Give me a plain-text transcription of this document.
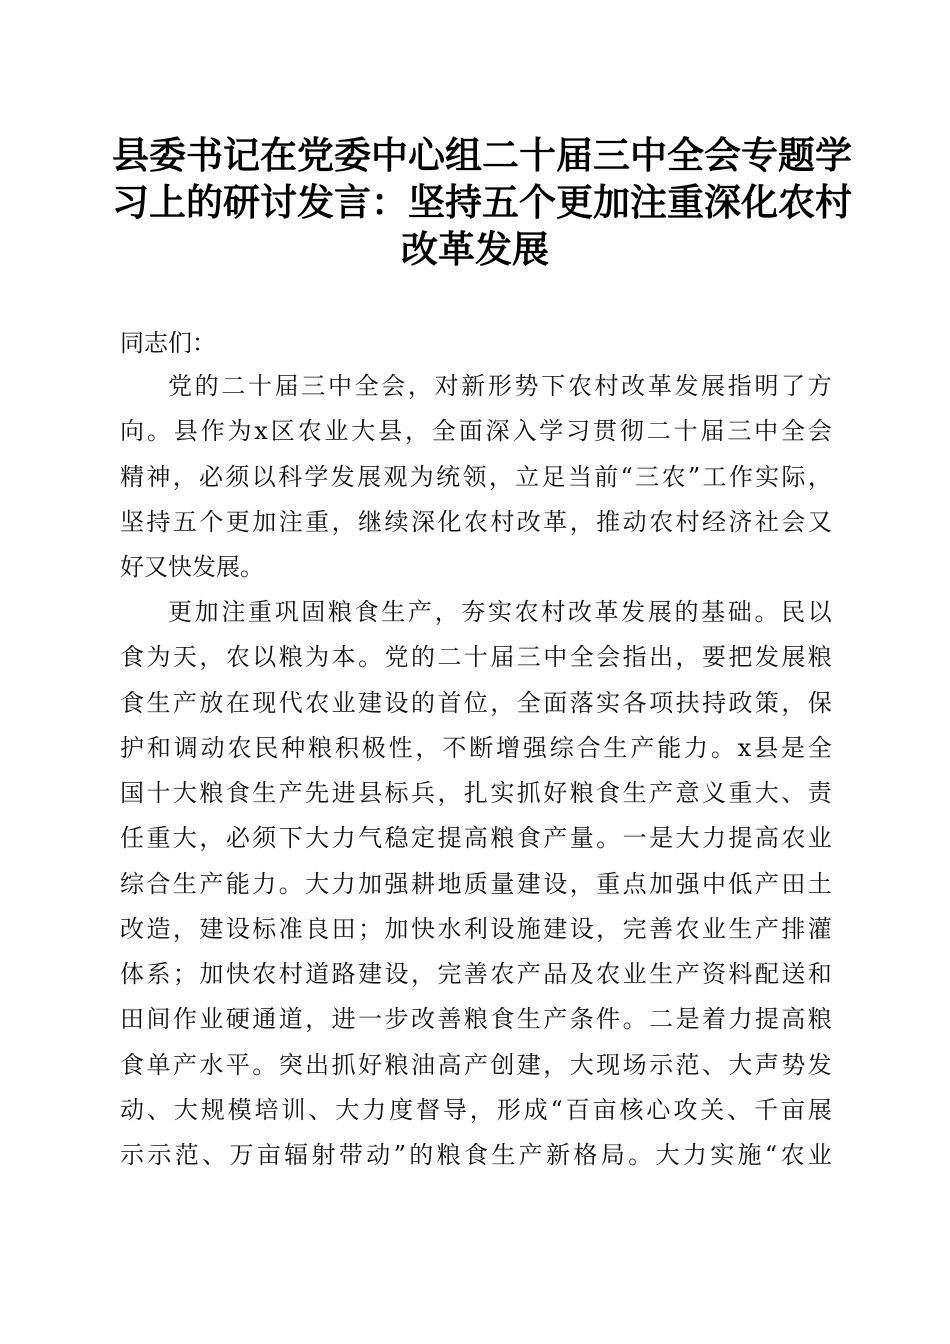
县委书记在党委中心组二十届三中全会专题学
习上的研讨发言：坚持五个更加注重深化农村
改革发展
同志们：
党 的 二 十 届 三 中 全 会 ， 对 新 形 势 下 农 村 改 革 发 展 指 明 了 方
向 。 县 作 为 x 区 农 业 大 县 ， 全 面 深 入 学 习 贯 彻 二 十 届 三 中 全 会
精 神 ， 必 须 以 科 学 发 展 观 为 统 领 ， 立 足 当 前 “ 三 农 ” 工 作 实 际 ，
坚 持 五 个 更 加 注 重 ， 继 续 深 化 农 村 改 革 ， 推 动 农 村 经 济 社 会 又
好又快发展。
更 加 注 重 巩 固 粮 食 生 产 ， 夯 实 农 村 改 革 发 展 的 基 础 。 民 以
食 为 天 ， 农 以 粮 为 本 。 党 的 二 十 届 三 中 全 会 指 出 ， 要 把 发 展 粮
食 生 产 放 在 现 代 农 业 建 设 的 首 位 ， 全 面 落 实 各 项 扶 持 政 策 ， 保
护 和 调 动 农 民 种 粮 积 极 性 ， 不 断 增 强 综 合 生 产 能 力 。 x 县 是 全
国 十 大 粮 食 生 产 先 进 县 标 兵 ， 扎 实 抓 好 粮 食 生 产 意 义 重 大 、 责
任 重 大 ， 必 须 下 大 力 气 稳 定 提 高 粮 食 产 量 。 一 是 大 力 提 高 农 业
综 合 生 产 能 力 。 大 力 加 强 耕 地 质 量 建 设 ， 重 点 加 强 中 低 产 田 土
改 造 ， 建 设 标 准 良 田 ； 加 快 水 利 设 施 建 设 ， 完 善 农 业 生 产 排 灌
体 系 ； 加 快 农 村 道 路 建 设 ， 完 善 农 产 品 及 农 业 生 产 资 料 配 送 和
田 间 作 业 硬 通 道 ， 进 一 步 改 善 粮 食 生 产 条 件 。 二 是 着 力 提 高 粮
食 单 产 水 平 。 突 出 抓 好 粮 油 高 产 创 建 ， 大 现 场 示 范 、 大 声 势 发
动 、 大 规 模 培 训 、 大 力 度 督 导 ， 形 成 “ 百 亩 核 心 攻 关 、 千 亩 展
示 示 范 、 万 亩 辐 射 带 动 ” 的 粮 食 生 产 新 格 局 。 大 力 实 施 “ 农 业
